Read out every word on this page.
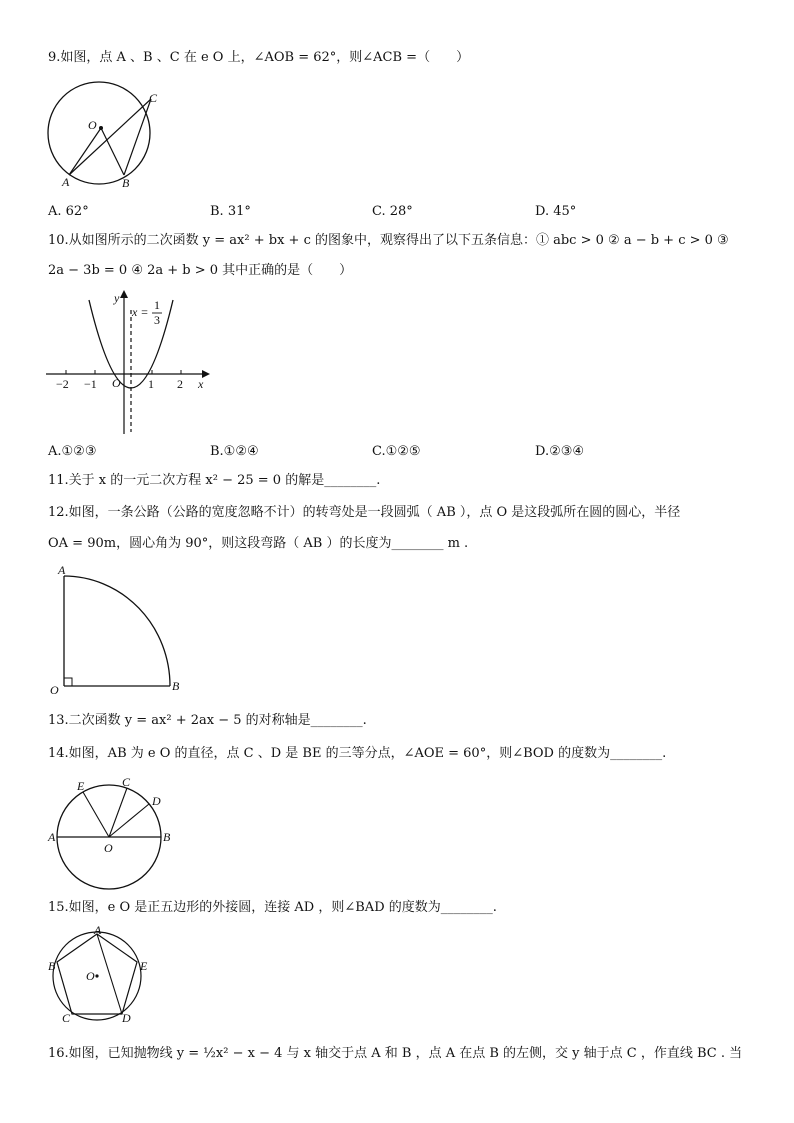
9.如图，点 A 、B 、C 在 e O 上，∠AOB = 62°，则∠ACB =（　　）
O
A	B
C
A. 62°	B. 31°	C. 28°	D. 45°
10.从如图所示的二次函数 y = ax² + bx + c 的图象中，观察得出了以下五条信息：① abc > 0 ② a − b + c > 0 ③
2a − 3b = 0 ④ 2a + b > 0 其中正确的是（　　）
y
x
O
x = 1
3
−2 −1	1 2
A.①②③	B.①②④	C.①②⑤	D.②③④
11.关于 x 的一元二次方程 x² − 25 = 0 的解是________.
12.如图，一条公路（公路的宽度忽略不计）的转弯处是一段圆弧（ AB ），点 O 是这段弧所在圆的圆心，半径
OA = 90m，圆心角为 90°，则这段弯路（ AB ）的长度为________ m .
A
O	B
13.二次函数 y = ax² + 2ax − 5 的对称轴是________.
14.如图，AB 为 e O 的直径，点 C 、D 是 BE 的三等分点，∠AOE = 60°，则∠BOD 的度数为________.
E	C
D
A	B
O
15.如图，e O 是正五边形的外接圆，连接 AD ，则∠BAD 的度数为________.
A
B	E
C	D
O
16.如图，已知抛物线 y = ½x² − x − 4 与 x 轴交于点 A 和 B ，点 A 在点 B 的左侧，交 y 轴于点 C ，作直线 BC . 当
